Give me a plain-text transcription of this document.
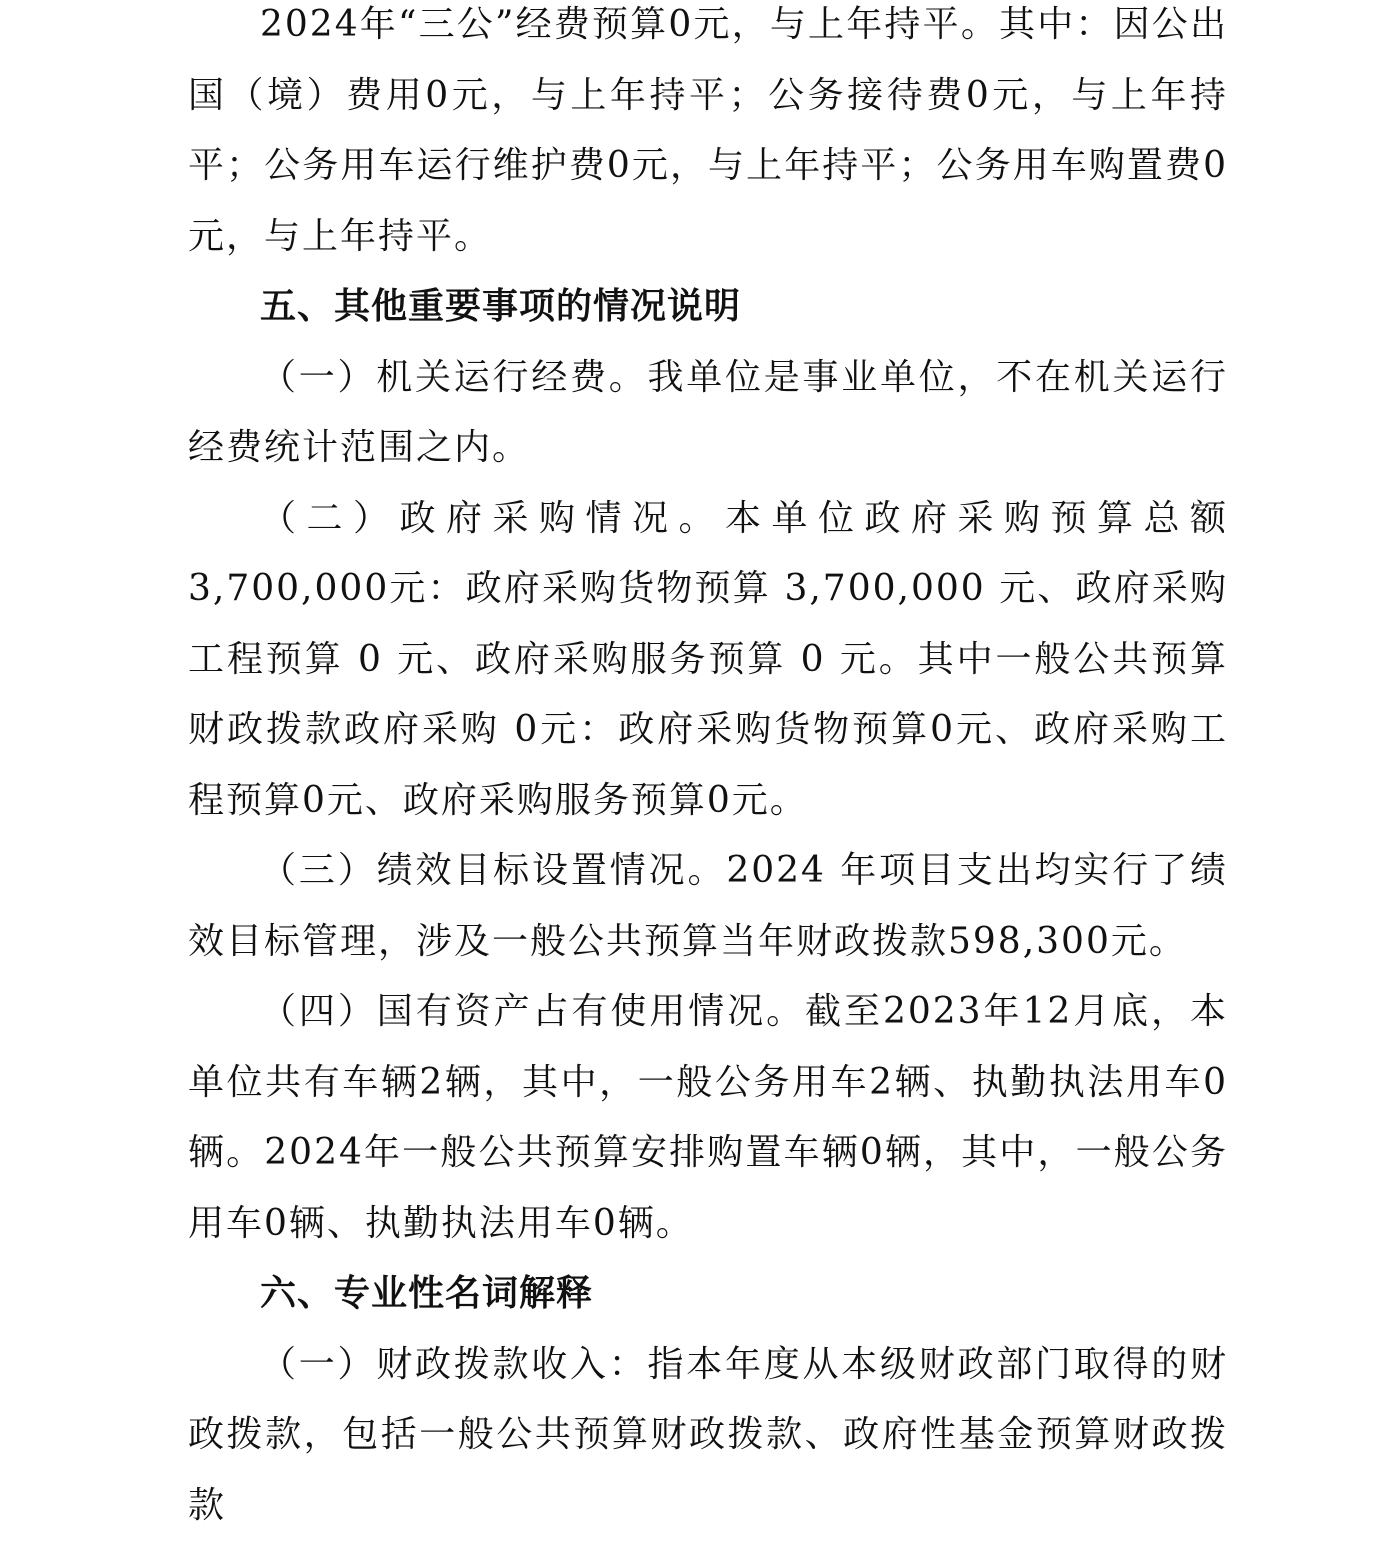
2024年“三公”经费预算0元，与上年持平。其中：因公出国（境）费用0元，与上年持平；公务接待费0元，与上年持平；公务用车运行维护费0元，与上年持平；公务用车购置费0元，与上年持平。

五、其他重要事项的情况说明

（一）机关运行经费。我单位是事业单位，不在机关运行经费统计范围之内。

（二）政府采购情况。本单位政府采购预算总额 3,700,000元：政府采购货物预算 3,700,000 元、政府采购工程预算 0 元、政府采购服务预算 0 元。其中一般公共预算财政拨款政府采购 0元：政府采购货物预算0元、政府采购工程预算0元、政府采购服务预算0元。

（三）绩效目标设置情况。2024 年项目支出均实行了绩效目标管理，涉及一般公共预算当年财政拨款598,300元。

（四）国有资产占有使用情况。截至2023年12月底，本单位共有车辆2辆，其中，一般公务用车2辆、执勤执法用车0辆。2024年一般公共预算安排购置车辆0辆，其中，一般公务用车0辆、执勤执法用车0辆。

六、专业性名词解释

（一）财政拨款收入：指本年度从本级财政部门取得的财政拨款，包括一般公共预算财政拨款、政府性基金预算财政拨款
